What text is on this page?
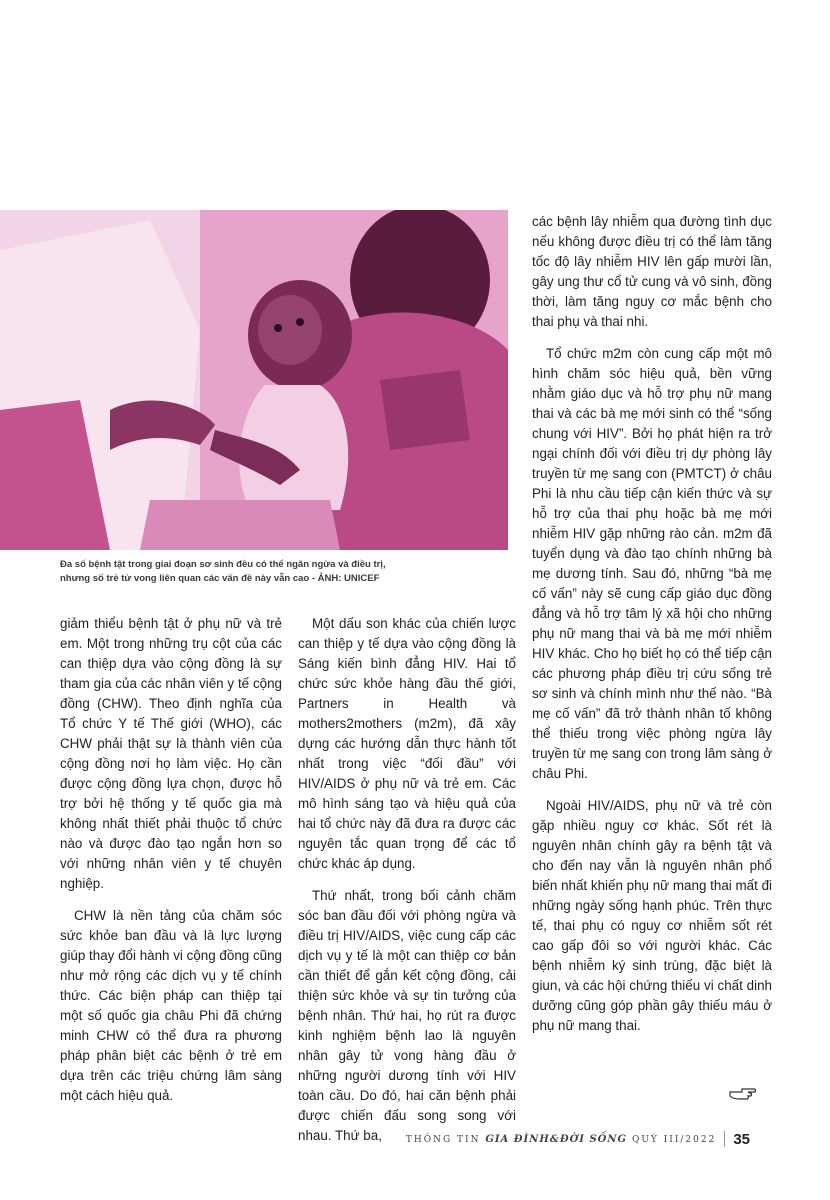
Đa số bệnh tật trong giai đoạn sơ sinh đều có thể ngăn ngừa và điều trị,
nhưng số trẻ tử vong liên quan các vấn đề này vẫn cao - ẢNH: UNICEF

giảm thiểu bệnh tật ở phụ nữ và trẻ em. Một trong những trụ cột của các can thiệp dựa vào cộng đồng là sự tham gia của các nhân viên y tế cộng đồng (CHW). Theo định nghĩa của Tổ chức Y tế Thế giới (WHO), các CHW phải thật sự là thành viên của cộng đồng nơi họ làm việc. Họ cần được cộng đồng lựa chọn, được hỗ trợ bởi hệ thống y tế quốc gia mà không nhất thiết phải thuộc tổ chức nào và được đào tạo ngắn hơn so với những nhân viên y tế chuyên nghiệp.

CHW là nền tảng của chăm sóc sức khỏe ban đầu và là lực lượng giúp thay đổi hành vi cộng đồng cũng như mở rộng các dịch vụ y tế chính thức. Các biện pháp can thiệp tại một số quốc gia châu Phi đã chứng minh CHW có thể đưa ra phương pháp phân biệt các bệnh ở trẻ em dựa trên các triệu chứng lâm sàng một cách hiệu quả.

Một dấu son khác của chiến lược can thiệp y tế dựa vào cộng đồng là Sáng kiến bình đẳng HIV. Hai tổ chức sức khỏe hàng đầu thế giới, Partners in Health và mothers2mothers (m2m), đã xây dựng các hướng dẫn thực hành tốt nhất trong việc “đối đầu” với HIV/AIDS ở phụ nữ và trẻ em. Các mô hình sáng tạo và hiệu quả của hai tổ chức này đã đưa ra được các nguyên tắc quan trọng để các tổ chức khác áp dụng.

Thứ nhất, trong bối cảnh chăm sóc ban đầu đối với phòng ngừa và điều trị HIV/AIDS, việc cung cấp các dịch vụ y tế là một can thiệp cơ bản cần thiết để gắn kết cộng đồng, cải thiện sức khỏe và sự tin tưởng của bệnh nhân. Thứ hai, họ rút ra được kinh nghiệm bệnh lao là nguyên nhân gây tử vong hàng đầu ở những người dương tính với HIV toàn cầu. Do đó, hai căn bệnh phải được chiến đấu song song với nhau. Thứ ba,

các bệnh lây nhiễm qua đường tình dục nếu không được điều trị có thể làm tăng tốc độ lây nhiễm HIV lên gấp mười lần, gây ung thư cổ tử cung và vô sinh, đồng thời, làm tăng nguy cơ mắc bệnh cho thai phụ và thai nhi.

Tổ chức m2m còn cung cấp một mô hình chăm sóc hiệu quả, bền vững nhằm giáo dục và hỗ trợ phụ nữ mang thai và các bà mẹ mới sinh có thể “sống chung với HIV”. Bởi họ phát hiện ra trở ngại chính đối với điều trị dự phòng lây truyền từ mẹ sang con (PMTCT) ở châu Phi là nhu cầu tiếp cận kiến thức và sự hỗ trợ của thai phụ hoặc bà mẹ mới nhiễm HIV gặp những rào cản. m2m đã tuyển dụng và đào tạo chính những bà mẹ dương tính. Sau đó, những “bà mẹ cố vấn” này sẽ cung cấp giáo dục đồng đẳng và hỗ trợ tâm lý xã hội cho những phụ nữ mang thai và bà mẹ mới nhiễm HIV khác. Cho họ biết họ có thể tiếp cận các phương pháp điều trị cứu sống trẻ sơ sinh và chính mình như thế nào. “Bà mẹ cố vấn” đã trở thành nhân tố không thể thiếu trong việc phòng ngừa lây truyền từ mẹ sang con trong lâm sàng ở châu Phi.

Ngoài HIV/AIDS, phụ nữ và trẻ còn gặp nhiều nguy cơ khác. Sốt rét là nguyên nhân chính gây ra bệnh tật và cho đến nay vẫn là nguyên nhân phổ biến nhất khiến phụ nữ mang thai mất đi những ngày sống hạnh phúc. Trên thực tế, thai phụ có nguy cơ nhiễm sốt rét cao gấp đôi so với người khác. Các bệnh nhiễm ký sinh trùng, đặc biệt là giun, và các hội chứng thiếu vi chất dinh dưỡng cũng góp phần gây thiếu máu ở phụ nữ mang thai.

THÔNG TIN GIA ĐÌNH&ĐỜI SỐNG QUÝ III/2022 35
